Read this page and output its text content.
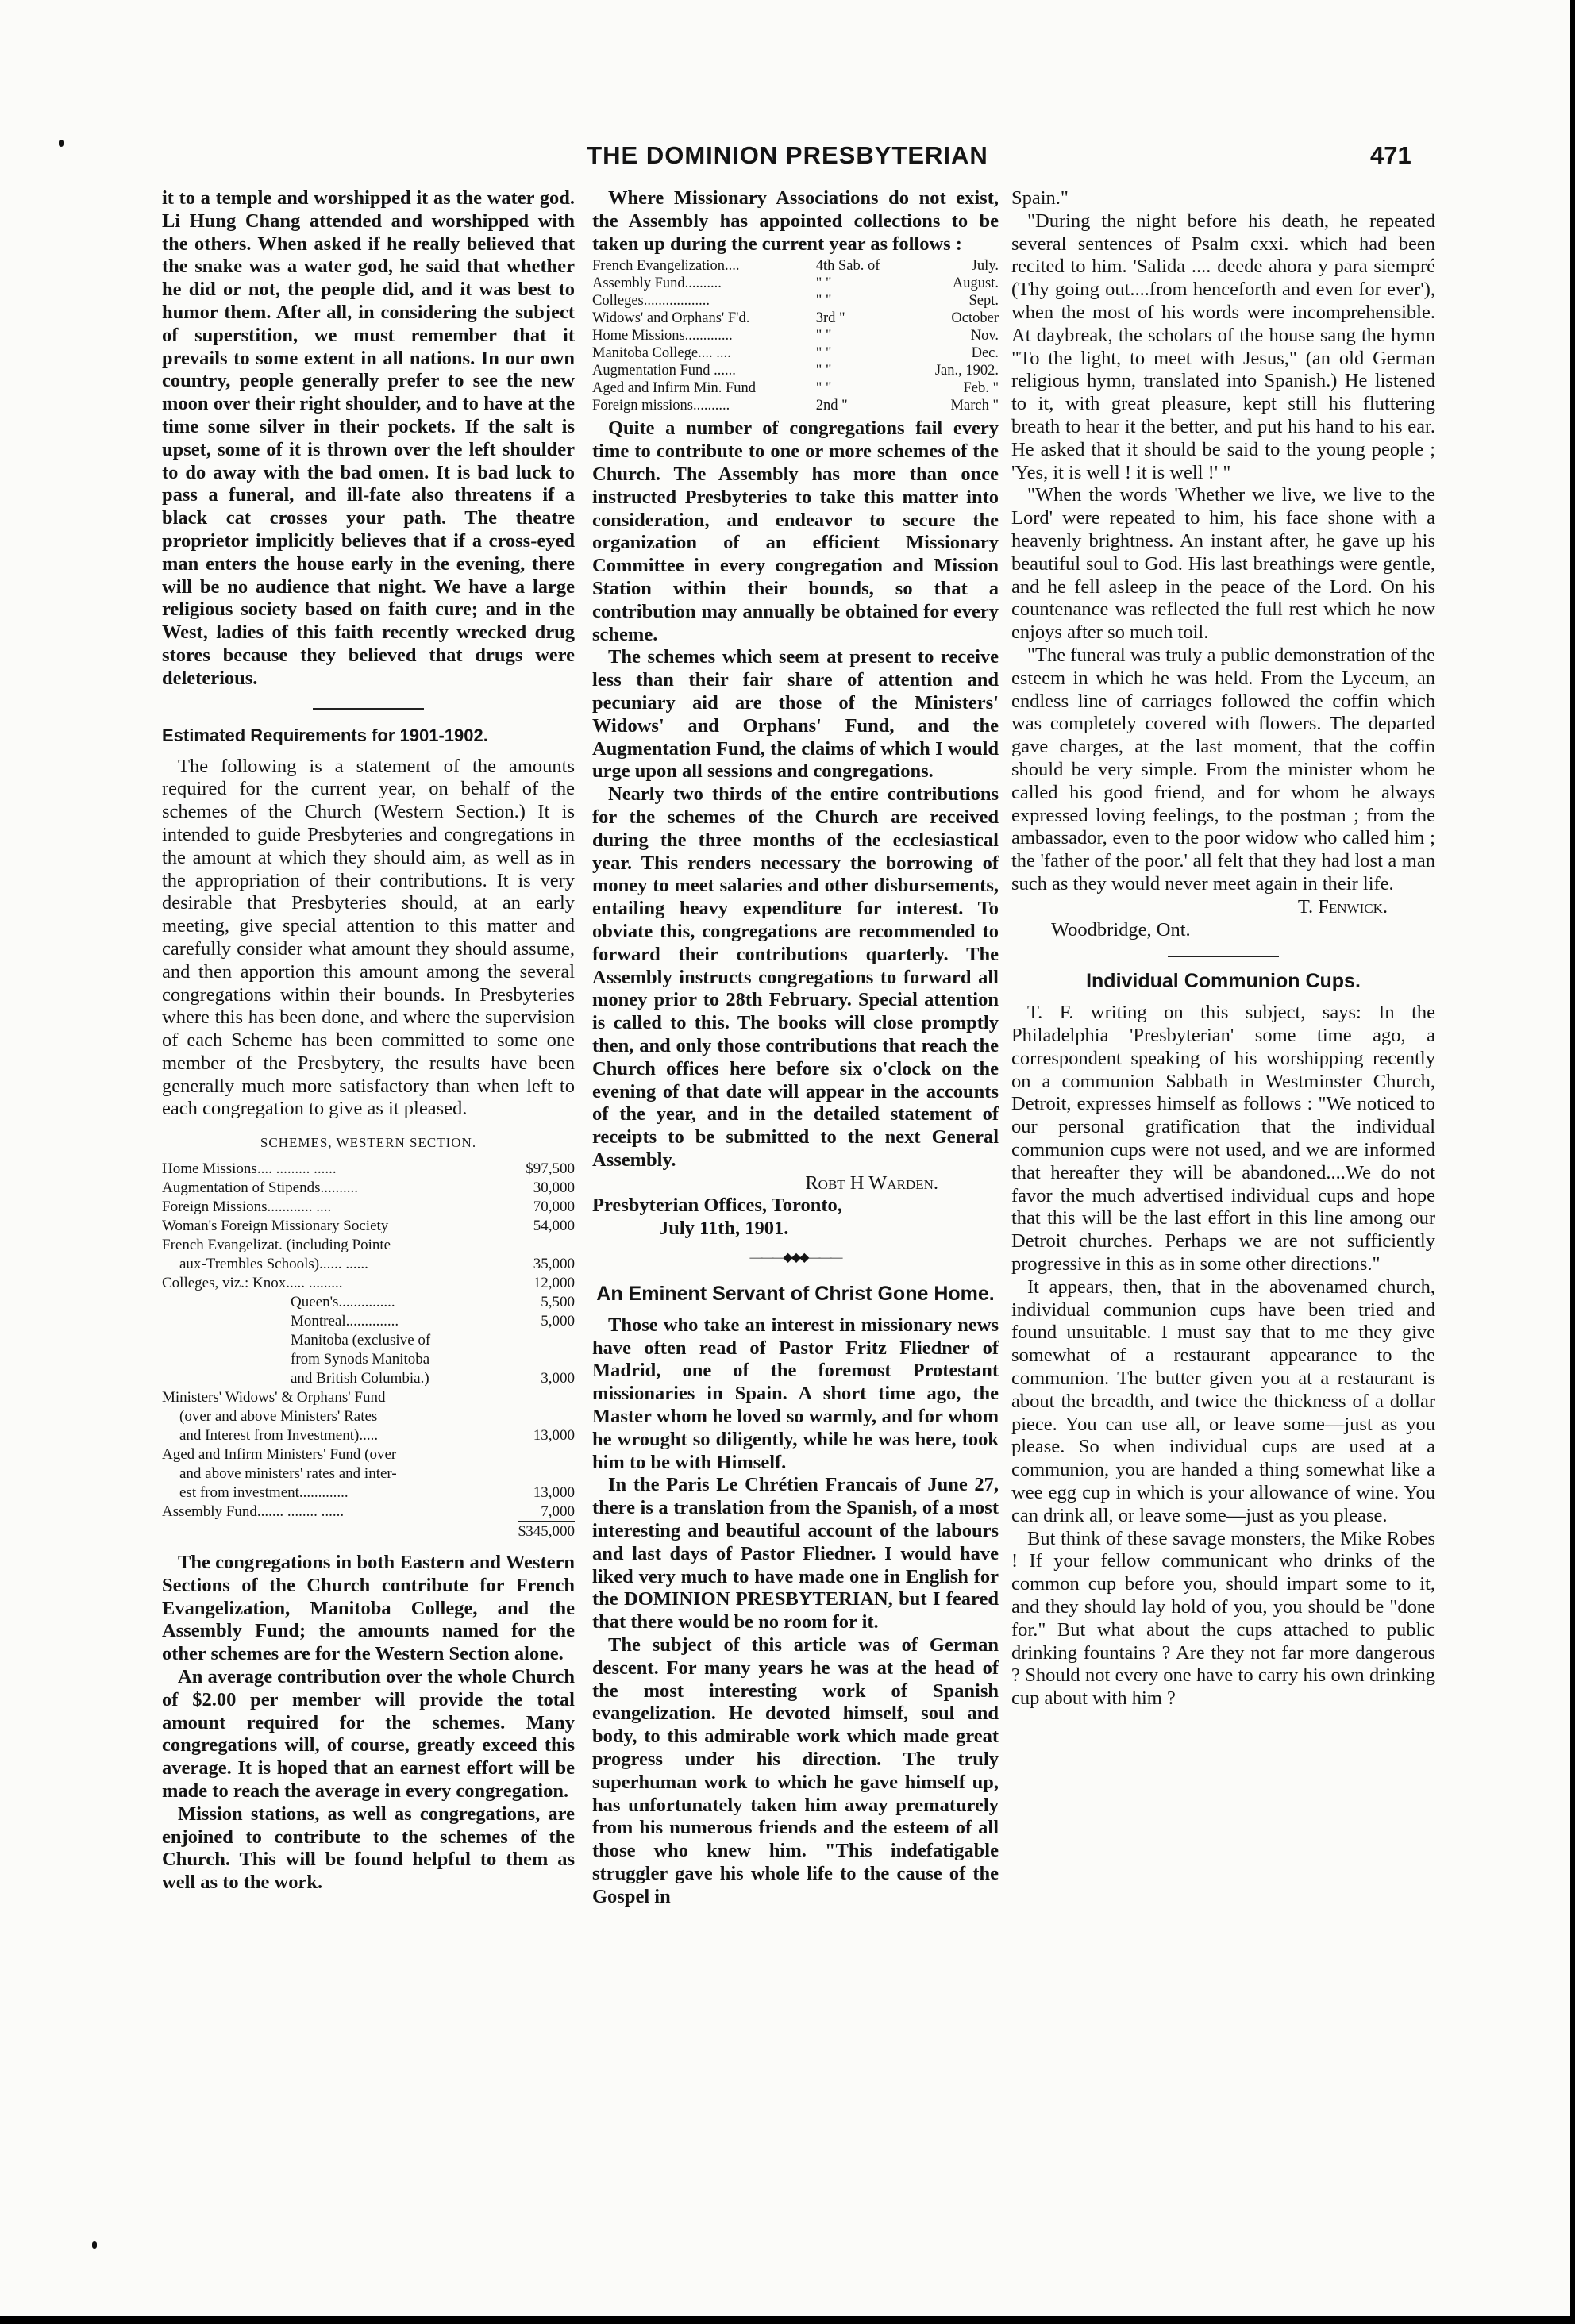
THE DOMINION PRESBYTERIAN	471

it to a temple and worshipped it as the water god. Li Hung Chang attended and worshipped with the others. When asked if he really believed that the snake was a water god, he said that whether he did or not, the people did, and it was best to humor them. After all, in considering the subject of superstition, we must remember that it prevails to some extent in all nations. In our own country, people generally prefer to see the new moon over their right shoulder, and to have at the time some silver in their pockets. If the salt is upset, some of it is thrown over the left shoulder to do away with the bad omen. It is bad luck to pass a funeral, and ill-fate also threatens if a black cat crosses your path. The theatre proprietor implicitly believes that if a cross-eyed man enters the house early in the evening, there will be no audience that night. We have a large religious society based on faith cure; and in the West, ladies of this faith recently wrecked drug stores because they believed that drugs were deleterious.

Estimated Requirements for 1901-1902.

The following is a statement of the amounts required for the current year, on behalf of the schemes of the Church (Western Section.) It is intended to guide Presbyteries and congregations in the amount at which they should aim, as well as in the appropriation of their contributions. It is very desirable that Presbyteries should, at an early meeting, give special attention to this matter and carefully consider what amount they should assume, and then apportion this amount among the several congregations within their bounds. In Presbyteries where this has been done, and where the supervision of each Scheme has been committed to some one member of the Presbytery, the results have been generally much more satisfactory than when left to each congregation to give as it pleased.

SCHEMES, WESTERN SECTION.
Home Missions.... ......... ......	$97,500
Augmentation of Stipends..........	30,000
Foreign Missions............ ....	70,000
Woman's Foreign Missionary Society	54,000
French Evangelizat. (including Pointe	
aux-Trembles Schools)...... ......	35,000
Colleges, viz.: Knox..... .........	12,000
Queen's...............	5,500
Montreal..............	5,000
Manitoba (exclusive of	
from Synods Manitoba	
and British Columbia.)	3,000
Ministers' Widows' & Orphans' Fund	
(over and above Ministers' Rates	
and Interest from Investment).....	13,000
Aged and Infirm Ministers' Fund (over	
and above ministers' rates and inter-	
est from investment.............	13,000
Assembly Fund....... ........ ......	7,000
$345,000

The congregations in both Eastern and Western Sections of the Church contribute for French Evangelization, Manitoba College, and the Assembly Fund; the amounts named for the other schemes are for the Western Section alone.

An average contribution over the whole Church of $2.00 per member will provide the total amount required for the schemes. Many congregations will, of course, greatly exceed this average. It is hoped that an earnest effort will be made to reach the average in every congregation.

Mission stations, as well as congregations, are enjoined to contribute to the schemes of the Church. This will be found helpful to them as well as to the work.

Where Missionary Associations do not exist, the Assembly has appointed collections to be taken up during the current year as follows :

French Evangelization....	4th Sab. of	July.
Assembly Fund..........	" "	August.
Colleges..................	" "	Sept.
Widows' and Orphans' F'd.	3rd "	October
Home Missions.............	" "	Nov.
Manitoba College.... ....	" "	Dec.
Augmentation Fund ......	" "	Jan., 1902.
Aged and Infirm Min. Fund	" "	Feb. "
Foreign missions..........	2nd "	March "

Quite a number of congregations fail every time to contribute to one or more schemes of the Church. The Assembly has more than once instructed Presbyteries to take this matter into consideration, and endeavor to secure the organization of an efficient Missionary Committee in every congregation and Mission Station within their bounds, so that a contribution may annually be obtained for every scheme.

The schemes which seem at present to receive less than their fair share of attention and pecuniary aid are those of the Ministers' Widows' and Orphans' Fund, and the Augmentation Fund, the claims of which I would urge upon all sessions and congregations.

Nearly two thirds of the entire contributions for the schemes of the Church are received during the three months of the ecclesiastical year. This renders necessary the borrowing of money to meet salaries and other disbursements, entailing heavy expenditure for interest. To obviate this, congregations are recommended to forward their contributions quarterly. The Assembly instructs congregations to forward all money prior to 28th February. Special attention is called to this. The books will close promptly then, and only those contributions that reach the Church offices here before six o'clock on the evening of that date will appear in the accounts of the year, and in the detailed statement of receipts to be submitted to the next General Assembly.

Robt H Warden.
Presbyterian Offices, Toronto,
July 11th, 1901.
———◆◆◆———
An Eminent Servant of Christ Gone Home.

Those who take an interest in missionary news have often read of Pastor Fritz Fliedner of Madrid, one of the foremost Protestant missionaries in Spain. A short time ago, the Master whom he loved so warmly, and for whom he wrought so diligently, while he was here, took him to be with Himself.

In the Paris Le Chrétien Francais of June 27, there is a translation from the Spanish, of a most interesting and beautiful account of the labours and last days of Pastor Fliedner. I would have liked very much to have made one in English for the DOMINION PRESBYTERIAN, but I feared that there would be no room for it.

The subject of this article was of German descent. For many years he was at the head of the most interesting work of Spanish evangelization. He devoted himself, soul and body, to this admirable work which made great progress under his direction. The truly superhuman work to which he gave himself up, has unfortunately taken him away prematurely from his numerous friends and the esteem of all those who knew him. "This indefatigable struggler gave his whole life to the cause of the Gospel in

Spain."

"During the night before his death, he repeated several sentences of Psalm cxxi. which had been recited to him. 'Salida .... deede ahora y para siempré (Thy going out....from henceforth and even for ever'), when the most of his words were incomprehensible. At daybreak, the scholars of the house sang the hymn "To the light, to meet with Jesus," (an old German religious hymn, translated into Spanish.) He listened to it, with great pleasure, kept still his fluttering breath to hear it the better, and put his hand to his ear. He asked that it should be said to the young people ; 'Yes, it is well ! it is well !' "

"When the words 'Whether we live, we live to the Lord' were repeated to him, his face shone with a heavenly brightness. An instant after, he gave up his beautiful soul to God. His last breathings were gentle, and he fell asleep in the peace of the Lord. On his countenance was reflected the full rest which he now enjoys after so much toil.

"The funeral was truly a public demonstration of the esteem in which he was held. From the Lyceum, an endless line of carriages followed the coffin which was completely covered with flowers. The departed gave charges, at the last moment, that the coffin should be very simple. From the minister whom he called his good friend, and for whom he always expressed loving feelings, to the postman ; from the ambassador, even to the poor widow who called him ; the 'father of the poor.' all felt that they had lost a man such as they would never meet again in their life.

T. Fenwick.
Woodbridge, Ont.
Individual Communion Cups.

T. F. writing on this subject, says: In the Philadelphia 'Presbyterian' some time ago, a correspondent speaking of his worshipping recently on a communion Sabbath in Westminster Church, Detroit, expresses himself as follows : "We noticed to our personal gratification that the individual communion cups were not used, and we are informed that hereafter they will be abandoned....We do not favor the much advertised individual cups and hope that this will be the last effort in this line among our Detroit churches. Perhaps we are not sufficiently progressive in this as in some other directions."

It appears, then, that in the abovenamed church, individual communion cups have been tried and found unsuitable. I must say that to me they give somewhat of a restaurant appearance to the communion. The butter given you at a restaurant is about the breadth, and twice the thickness of a dollar piece. You can use all, or leave some—just as you please. So when individual cups are used at a communion, you are handed a thing somewhat like a wee egg cup in which is your allowance of wine. You can drink all, or leave some—just as you please.

But think of these savage monsters, the Mike Robes ! If your fellow communicant who drinks of the common cup before you, should impart some to it, and they should lay hold of you, you should be "done for." But what about the cups attached to public drinking fountains ? Are they not far more dangerous ? Should not every one have to carry his own drinking cup about with him ?
